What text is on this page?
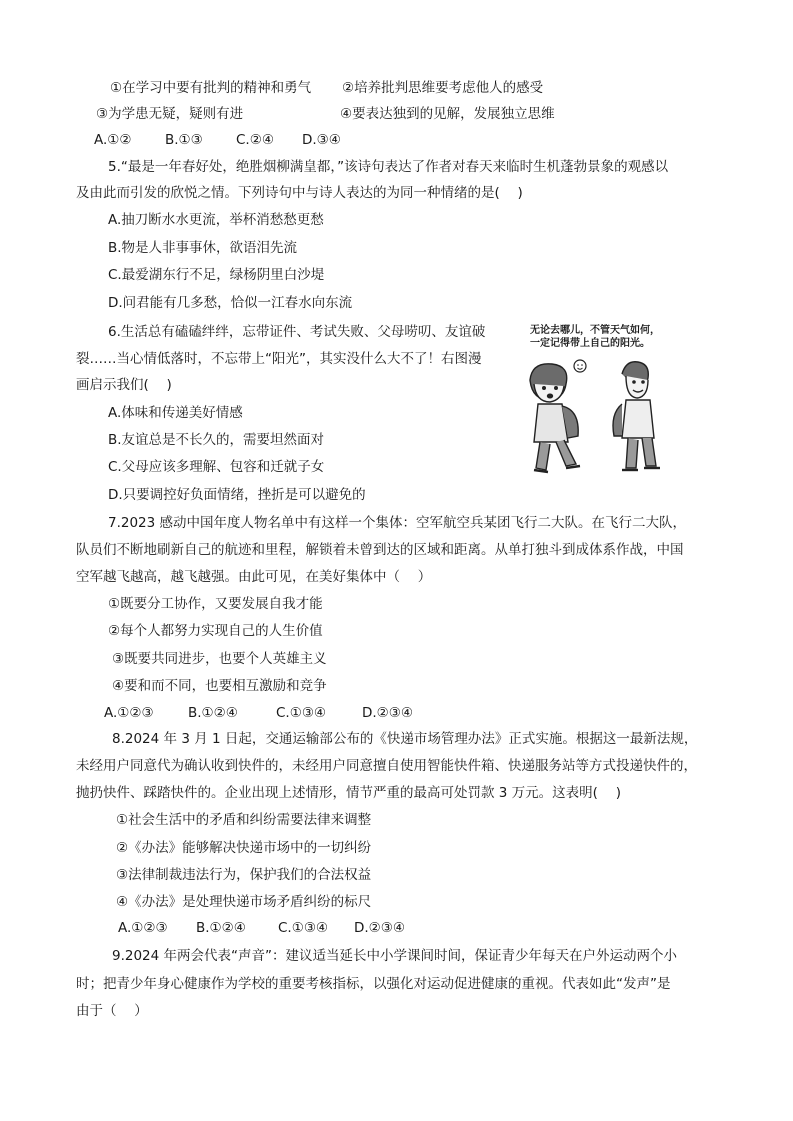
①在学习中要有批判的精神和勇气 ②培养批判思维要考虑他人的感受
③为学患无疑，疑则有进	④要表达独到的见解，发展独立思维
A.①② B.①③ C.②④ D.③④
5.“最是一年春好处，绝胜烟柳满皇都，”该诗句表达了作者对春天来临时生机蓬勃景象的观感以
及由此而引发的欣悦之情。下列诗句中与诗人表达的为同一种情绪的是(　 )
A.抽刀断水水更流，举杯消愁愁更愁
B.物是人非事事休，欲语泪先流
C.最爱湖东行不足，绿杨阴里白沙堤
D.问君能有几多愁，恰似一江春水向东流
6.生活总有磕磕绊绊，忘带证件、考试失败、父母唠叨、友谊破
裂……当心情低落时，不忘带上“阳光”，其实没什么大不了！右图漫
画启示我们(　 )
A.体味和传递美好情感
B.友谊总是不长久的，需要坦然面对
C.父母应该多理解、包容和迁就子女
D.只要调控好负面情绪，挫折是可以避免的
无论去哪儿，不管天气如何，
一定记得带上自己的阳光。
7.2023 感动中国年度人物名单中有这样一个集体：空军航空兵某团飞行二大队。在飞行二大队，
队员们不断地刷新自己的航迹和里程，解锁着未曾到达的区域和距离。从单打独斗到成体系作战，中国
空军越飞越高，越飞越强。由此可见，在美好集体中（　 ）
①既要分工协作，又要发展自我才能
②每个人都努力实现自己的人生价值
③既要共同进步，也要个人英雄主义
④要和而不同，也要相互激励和竞争
A.①②③	B.①②④	C.①③④	D.②③④
8.2024 年 3 月 1 日起，交通运输部公布的《快递市场管理办法》正式实施。根据这一最新法规，
未经用户同意代为确认收到快件的，未经用户同意擅自使用智能快件箱、快递服务站等方式投递快件的，
抛扔快件、踩踏快件的。企业出现上述情形，情节严重的最高可处罚款 3 万元。这表明(　 )
①社会生活中的矛盾和纠纷需要法律来调整
②《办法》能够解决快递市场中的一切纠纷
③法律制裁违法行为，保护我们的合法权益
④《办法》是处理快递市场矛盾纠纷的标尺
A.①②③ B.①②④ C.①③④ D.②③④
9.2024 年两会代表“声音”：建议适当延长中小学课间时间，保证青少年每天在户外运动两个小
时；把青少年身心健康作为学校的重要考核指标，以强化对运动促进健康的重视。代表如此“发声”是
由于（　 ）
